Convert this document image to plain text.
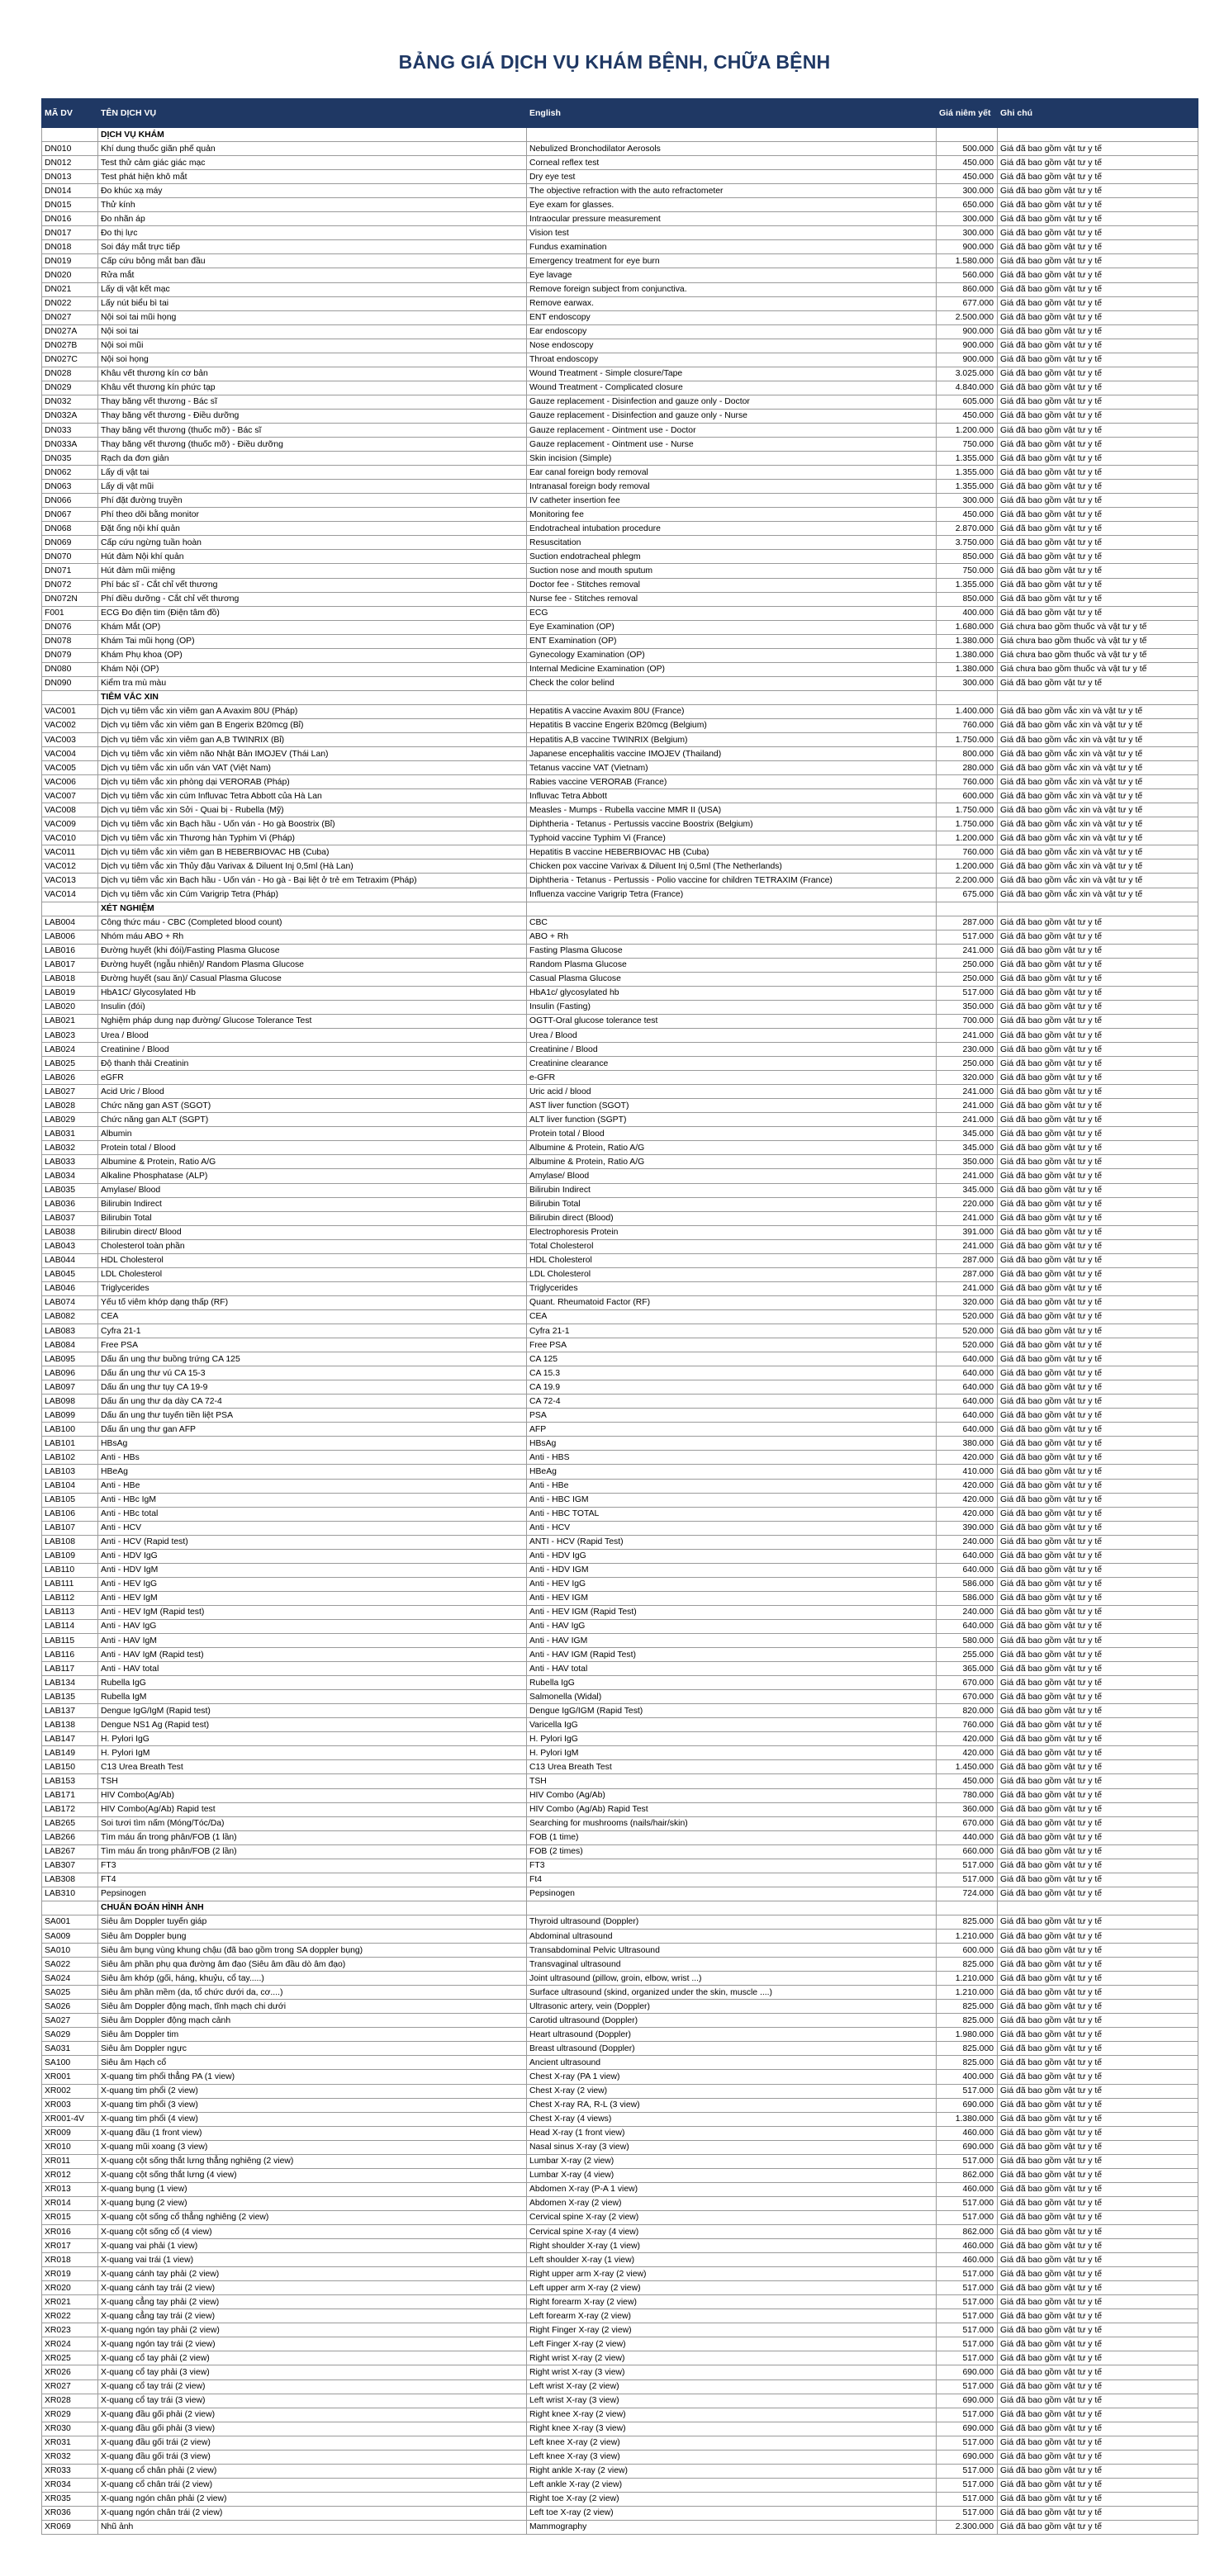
BẢNG GIÁ DỊCH VỤ KHÁM BỆNH, CHỮA BỆNH
MÃ DV	TÊN DỊCH VỤ	English	Giá niêm yết	Ghi chú
	DỊCH VỤ KHÁM			
DN010	Khí dung thuốc giãn phế quản	Nebulized Bronchodilator Aerosols	500.000	Giá đã bao gồm vật tư y tế
DN012	Test thử cảm giác giác mạc	Corneal reflex test	450.000	Giá đã bao gồm vật tư y tế
DN013	Test phát hiện khô mắt	Dry eye test	450.000	Giá đã bao gồm vật tư y tế
DN014	Đo khúc xạ máy	The objective refraction with the auto refractometer	300.000	Giá đã bao gồm vật tư y tế
DN015	Thử kính	Eye exam for glasses.	650.000	Giá đã bao gồm vật tư y tế
DN016	Đo nhãn áp	Intraocular pressure measurement	300.000	Giá đã bao gồm vật tư y tế
DN017	Đo thị lực	Vision test	300.000	Giá đã bao gồm vật tư y tế
DN018	Soi đáy mắt trực tiếp	Fundus examination	900.000	Giá đã bao gồm vật tư y tế
DN019	Cấp cứu bỏng mắt ban đầu	Emergency treatment for eye burn	1.580.000	Giá đã bao gồm vật tư y tế
DN020	Rửa mắt	Eye lavage	560.000	Giá đã bao gồm vật tư y tế
DN021	Lấy dị vật kết mạc	Remove foreign subject from conjunctiva.	860.000	Giá đã bao gồm vật tư y tế
DN022	Lấy nút biểu bì tai	Remove earwax.	677.000	Giá đã bao gồm vật tư y tế
DN027	Nội soi tai mũi họng	ENT endoscopy	2.500.000	Giá đã bao gồm vật tư y tế
DN027A	Nội soi tai	Ear endoscopy	900.000	Giá đã bao gồm vật tư y tế
DN027B	Nội soi mũi	Nose endoscopy	900.000	Giá đã bao gồm vật tư y tế
DN027C	Nội soi họng	Throat endoscopy	900.000	Giá đã bao gồm vật tư y tế
DN028	Khâu vết thương kín cơ bản	Wound Treatment - Simple closure/Tape	3.025.000	Giá đã bao gồm vật tư y tế
DN029	Khâu vết thương kín phức tạp	Wound Treatment - Complicated closure	4.840.000	Giá đã bao gồm vật tư y tế
DN032	Thay băng vết thương - Bác sĩ	Gauze replacement - Disinfection and gauze only - Doctor	605.000	Giá đã bao gồm vật tư y tế
DN032A	Thay băng vết thương - Điều dưỡng	Gauze replacement - Disinfection and gauze only - Nurse	450.000	Giá đã bao gồm vật tư y tế
DN033	Thay băng vết thương (thuốc mỡ) - Bác sĩ	Gauze replacement - Ointment use - Doctor	1.200.000	Giá đã bao gồm vật tư y tế
DN033A	Thay băng vết thương (thuốc mỡ) - Điều dưỡng	Gauze replacement - Ointment use - Nurse	750.000	Giá đã bao gồm vật tư y tế
DN035	Rạch da đơn giản	Skin incision (Simple)	1.355.000	Giá đã bao gồm vật tư y tế
DN062	Lấy dị vật tai	Ear canal foreign body removal	1.355.000	Giá đã bao gồm vật tư y tế
DN063	Lấy dị vật mũi	Intranasal foreign body removal	1.355.000	Giá đã bao gồm vật tư y tế
DN066	Phí đặt đường truyền	IV catheter insertion fee	300.000	Giá đã bao gồm vật tư y tế
DN067	Phí theo dõi bằng monitor	Monitoring fee	450.000	Giá đã bao gồm vật tư y tế
DN068	Đặt ống nội khí quản	Endotracheal intubation procedure	2.870.000	Giá đã bao gồm vật tư y tế
DN069	Cấp cứu ngừng tuần hoàn	Resuscitation	3.750.000	Giá đã bao gồm vật tư y tế
DN070	Hút đàm Nội khí quản	Suction endotracheal phlegm	850.000	Giá đã bao gồm vật tư y tế
DN071	Hút đàm mũi miệng	Suction nose and mouth sputum	750.000	Giá đã bao gồm vật tư y tế
DN072	Phí bác sĩ - Cắt chỉ vết thương	Doctor fee - Stitches removal	1.355.000	Giá đã bao gồm vật tư y tế
DN072N	Phí điều dưỡng - Cắt chỉ vết thương	Nurse fee - Stitches removal	850.000	Giá đã bao gồm vật tư y tế
F001	ECG Đo điện tim (Điện tâm đồ)	ECG	400.000	Giá đã bao gồm vật tư y tế
DN076	Khám Mắt (OP)	Eye Examination (OP)	1.680.000	Giá chưa bao gồm thuốc và vật tư y tế
DN078	Khám Tai mũi họng (OP)	ENT Examination (OP)	1.380.000	Giá chưa bao gồm thuốc và vật tư y tế
DN079	Khám Phụ khoa (OP)	Gynecology Examination (OP)	1.380.000	Giá chưa bao gồm thuốc và vật tư y tế
DN080	Khám Nội (OP)	Internal Medicine Examination (OP)	1.380.000	Giá chưa bao gồm thuốc và vật tư y tế
DN090	Kiểm tra mù màu	Check the color belind	300.000	Giá đã bao gồm vật tư y tế
	TIÊM VẮC XIN			
VAC001	Dịch vụ tiêm vắc xin viêm gan A Avaxim 80U (Pháp)	Hepatitis A vaccine Avaxim 80U (France)	1.400.000	Giá đã bao gồm vắc xin và vật tư y tế
VAC002	Dịch vụ tiêm vắc xin viêm gan B Engerix B20mcg (Bỉ)	Hepatitis B vaccine Engerix B20mcg (Belgium)	760.000	Giá đã bao gồm vắc xin và vật tư y tế
VAC003	Dịch vụ tiêm vắc xin viêm gan A,B TWINRIX (Bỉ)	Hepatitis A,B vaccine TWINRIX (Belgium)	1.750.000	Giá đã bao gồm vắc xin và vật tư y tế
VAC004	Dịch vụ tiêm vắc xin viêm não Nhật Bản IMOJEV (Thái Lan)	Japanese encephalitis vaccine IMOJEV (Thailand)	800.000	Giá đã bao gồm vắc xin và vật tư y tế
VAC005	Dịch vụ tiêm vắc xin uốn ván VAT (Việt Nam)	Tetanus vaccine VAT (Vietnam)	280.000	Giá đã bao gồm vắc xin và vật tư y tế
VAC006	Dịch vụ tiêm vắc xin phòng dại VERORAB (Pháp)	Rabies vaccine VERORAB (France)	760.000	Giá đã bao gồm vắc xin và vật tư y tế
VAC007	Dịch vụ tiêm vắc xin cúm Influvac Tetra Abbott của Hà Lan	Influvac Tetra Abbott	600.000	Giá đã bao gồm vắc xin và vật tư y tế
VAC008	Dịch vụ tiêm vắc xin Sởi - Quai bị - Rubella (Mỹ)	Measles - Mumps - Rubella vaccine MMR II (USA)	1.750.000	Giá đã bao gồm vắc xin và vật tư y tế
VAC009	Dịch vụ tiêm vắc xin Bạch hầu - Uốn ván - Ho gà Boostrix (Bỉ)	Diphtheria - Tetanus - Pertussis vaccine Boostrix (Belgium)	1.750.000	Giá đã bao gồm vắc xin và vật tư y tế
VAC010	Dịch vụ tiêm vắc xin Thương hàn Typhim Vi (Pháp)	Typhoid vaccine Typhim Vi (France)	1.200.000	Giá đã bao gồm vắc xin và vật tư y tế
VAC011	Dịch vụ tiêm vắc xin viêm gan B HEBERBIOVAC HB (Cuba)	Hepatitis B vaccine HEBERBIOVAC HB (Cuba)	760.000	Giá đã bao gồm vắc xin và vật tư y tế
VAC012	Dịch vụ tiêm vắc xin Thủy đậu Varivax & Diluent Inj 0,5ml (Hà Lan)	Chicken pox vaccine Varivax & Diluent Inj 0,5ml (The Netherlands)	1.200.000	Giá đã bao gồm vắc xin và vật tư y tế
VAC013	Dịch vụ tiêm vắc xin Bạch hầu - Uốn ván - Ho gà - Bại liệt ở trẻ em Tetraxim (Pháp)	Diphtheria - Tetanus - Pertussis - Polio vaccine for children TETRAXIM (France)	2.200.000	Giá đã bao gồm vắc xin và vật tư y tế
VAC014	Dịch vụ tiêm vắc xin Cúm Varigrip Tetra (Pháp)	Influenza vaccine Varigrip Tetra (France)	675.000	Giá đã bao gồm vắc xin và vật tư y tế
	XÉT NGHIỆM			
LAB004	Công thức máu - CBC (Completed blood count)	CBC	287.000	Giá đã bao gồm vật tư y tế
LAB006	Nhóm máu ABO + Rh	ABO + Rh	517.000	Giá đã bao gồm vật tư y tế
LAB016	Đường huyết (khi đói)/Fasting Plasma Glucose	Fasting Plasma Glucose	241.000	Giá đã bao gồm vật tư y tế
LAB017	Đường huyết (ngẫu nhiên)/ Random Plasma Glucose	Random Plasma Glucose	250.000	Giá đã bao gồm vật tư y tế
LAB018	Đường huyết (sau ăn)/ Casual Plasma Glucose	Casual Plasma Glucose	250.000	Giá đã bao gồm vật tư y tế
LAB019	HbA1C/ Glycosylated Hb	HbA1c/ glycosylated hb	517.000	Giá đã bao gồm vật tư y tế
LAB020	Insulin (đói)	Insulin (Fasting)	350.000	Giá đã bao gồm vật tư y tế
LAB021	Nghiệm pháp dung nạp đường/ Glucose Tolerance Test	OGTT-Oral glucose tolerance test	700.000	Giá đã bao gồm vật tư y tế
LAB023	Urea / Blood	Urea / Blood	241.000	Giá đã bao gồm vật tư y tế
LAB024	Creatinine / Blood	Creatinine / Blood	230.000	Giá đã bao gồm vật tư y tế
LAB025	Độ thanh thải Creatinin	Creatinine clearance	250.000	Giá đã bao gồm vật tư y tế
LAB026	eGFR	e-GFR	320.000	Giá đã bao gồm vật tư y tế
LAB027	Acid Uric / Blood	Uric acid / blood	241.000	Giá đã bao gồm vật tư y tế
LAB028	Chức năng gan AST (SGOT)	AST liver function (SGOT)	241.000	Giá đã bao gồm vật tư y tế
LAB029	Chức năng gan ALT (SGPT)	ALT liver function (SGPT)	241.000	Giá đã bao gồm vật tư y tế
LAB031	Albumin	Protein total / Blood	345.000	Giá đã bao gồm vật tư y tế
LAB032	Protein total / Blood	Albumine & Protein, Ratio A/G	345.000	Giá đã bao gồm vật tư y tế
LAB033	Albumine & Protein, Ratio A/G	Albumine & Protein, Ratio A/G	350.000	Giá đã bao gồm vật tư y tế
LAB034	Alkaline Phosphatase (ALP)	Amylase/ Blood	241.000	Giá đã bao gồm vật tư y tế
LAB035	Amylase/ Blood	Bilirubin Indirect	345.000	Giá đã bao gồm vật tư y tế
LAB036	Bilirubin Indirect	Bilirubin Total	220.000	Giá đã bao gồm vật tư y tế
LAB037	Bilirubin Total	Bilirubin direct (Blood)	241.000	Giá đã bao gồm vật tư y tế
LAB038	Bilirubin direct/ Blood	Electrophoresis Protein	391.000	Giá đã bao gồm vật tư y tế
LAB043	Cholesterol toàn phần	Total Cholesterol	241.000	Giá đã bao gồm vật tư y tế
LAB044	HDL Cholesterol	HDL Cholesterol	287.000	Giá đã bao gồm vật tư y tế
LAB045	LDL Cholesterol	LDL Cholesterol	287.000	Giá đã bao gồm vật tư y tế
LAB046	Triglycerides	Triglycerides	241.000	Giá đã bao gồm vật tư y tế
LAB074	Yếu tố viêm khớp dạng thấp (RF)	Quant. Rheumatoid Factor (RF)	320.000	Giá đã bao gồm vật tư y tế
LAB082	CEA	CEA	520.000	Giá đã bao gồm vật tư y tế
LAB083	Cyfra 21-1	Cyfra 21-1	520.000	Giá đã bao gồm vật tư y tế
LAB084	Free PSA	Free PSA	520.000	Giá đã bao gồm vật tư y tế
LAB095	Dấu ấn ung thư buồng trứng CA 125	CA 125	640.000	Giá đã bao gồm vật tư y tế
LAB096	Dấu ấn ung thư vú CA 15-3	CA 15.3	640.000	Giá đã bao gồm vật tư y tế
LAB097	Dấu ấn ung thư tụy CA 19-9	CA 19.9	640.000	Giá đã bao gồm vật tư y tế
LAB098	Dấu ấn ung thư dạ dày CA 72-4	CA 72-4	640.000	Giá đã bao gồm vật tư y tế
LAB099	Dấu ấn ung thư tuyến tiền liệt PSA	PSA	640.000	Giá đã bao gồm vật tư y tế
LAB100	Dấu ấn ung thư gan AFP	AFP	640.000	Giá đã bao gồm vật tư y tế
LAB101	HBsAg	HBsAg	380.000	Giá đã bao gồm vật tư y tế
LAB102	Anti - HBs	Anti - HBS	420.000	Giá đã bao gồm vật tư y tế
LAB103	HBeAg	HBeAg	410.000	Giá đã bao gồm vật tư y tế
LAB104	Anti - HBe	Anti - HBe	420.000	Giá đã bao gồm vật tư y tế
LAB105	Anti - HBc IgM	Anti - HBC IGM	420.000	Giá đã bao gồm vật tư y tế
LAB106	Anti - HBc total	Anti - HBC TOTAL	420.000	Giá đã bao gồm vật tư y tế
LAB107	Anti - HCV	Anti - HCV	390.000	Giá đã bao gồm vật tư y tế
LAB108	Anti - HCV (Rapid test)	ANTI - HCV (Rapid Test)	240.000	Giá đã bao gồm vật tư y tế
LAB109	Anti - HDV IgG	Anti - HDV IgG	640.000	Giá đã bao gồm vật tư y tế
LAB110	Anti - HDV IgM	Anti - HDV IGM	640.000	Giá đã bao gồm vật tư y tế
LAB111	Anti - HEV IgG	Anti - HEV IgG	586.000	Giá đã bao gồm vật tư y tế
LAB112	Anti - HEV IgM	Anti - HEV IGM	586.000	Giá đã bao gồm vật tư y tế
LAB113	Anti - HEV IgM (Rapid test)	Anti - HEV IGM (Rapid Test)	240.000	Giá đã bao gồm vật tư y tế
LAB114	Anti - HAV IgG	Anti - HAV IgG	640.000	Giá đã bao gồm vật tư y tế
LAB115	Anti - HAV IgM	Anti - HAV IGM	580.000	Giá đã bao gồm vật tư y tế
LAB116	Anti - HAV IgM (Rapid test)	Anti - HAV IGM (Rapid Test)	255.000	Giá đã bao gồm vật tư y tế
LAB117	Anti - HAV total	Anti - HAV total	365.000	Giá đã bao gồm vật tư y tế
LAB134	Rubella IgG	Rubella IgG	670.000	Giá đã bao gồm vật tư y tế
LAB135	Rubella IgM	Salmonella (Widal)	670.000	Giá đã bao gồm vật tư y tế
LAB137	Dengue IgG/IgM (Rapid test)	Dengue IgG/IGM (Rapid Test)	820.000	Giá đã bao gồm vật tư y tế
LAB138	Dengue NS1 Ag (Rapid test)	Varicella IgG	760.000	Giá đã bao gồm vật tư y tế
LAB147	H. Pylori IgG	H. Pylori IgG	420.000	Giá đã bao gồm vật tư y tế
LAB149	H. Pylori IgM	H. Pylori IgM	420.000	Giá đã bao gồm vật tư y tế
LAB150	C13 Urea Breath Test	C13 Urea Breath Test	1.450.000	Giá đã bao gồm vật tư y tế
LAB153	TSH	TSH	450.000	Giá đã bao gồm vật tư y tế
LAB171	HIV Combo(Ag/Ab)	HIV Combo (Ag/Ab)	780.000	Giá đã bao gồm vật tư y tế
LAB172	HIV Combo(Ag/Ab) Rapid test	HIV Combo (Ag/Ab) Rapid Test	360.000	Giá đã bao gồm vật tư y tế
LAB265	Soi tươi tìm nấm (Móng/Tóc/Da)	Searching for mushrooms (nails/hair/skin)	670.000	Giá đã bao gồm vật tư y tế
LAB266	Tìm máu ẩn trong phân/FOB (1 lần)	FOB (1 time)	440.000	Giá đã bao gồm vật tư y tế
LAB267	Tìm máu ẩn trong phân/FOB (2 lần)	FOB (2 times)	660.000	Giá đã bao gồm vật tư y tế
LAB307	FT3	FT3	517.000	Giá đã bao gồm vật tư y tế
LAB308	FT4	Ft4	517.000	Giá đã bao gồm vật tư y tế
LAB310	Pepsinogen	Pepsinogen	724.000	Giá đã bao gồm vật tư y tế
	CHUẨN ĐOÁN HÌNH ẢNH			
SA001	Siêu âm Doppler tuyến giáp	Thyroid ultrasound (Doppler)	825.000	Giá đã bao gồm vật tư y tế
SA009	Siêu âm Doppler bụng	Abdominal ultrasound	1.210.000	Giá đã bao gồm vật tư y tế
SA010	Siêu âm bụng vùng khung chậu (đã bao gồm trong SA doppler bụng)	Transabdominal Pelvic Ultrasound	600.000	Giá đã bao gồm vật tư y tế
SA022	Siêu âm phần phụ qua đường âm đạo (Siêu âm đầu dò âm đạo)	Transvaginal ultrasound	825.000	Giá đã bao gồm vật tư y tế
SA024	Siêu âm khớp (gối, háng, khuỷu, cổ tay.....)	Joint ultrasound (pillow, groin, elbow, wrist ...)	1.210.000	Giá đã bao gồm vật tư y tế
SA025	Siêu âm phần mềm (da, tổ chức dưới da, cơ....)	Surface ultrasound (skind, organized under the skin, muscle ....)	1.210.000	Giá đã bao gồm vật tư y tế
SA026	Siêu âm Doppler động mạch, tĩnh mạch chi dưới	Ultrasonic artery, vein (Doppler)	825.000	Giá đã bao gồm vật tư y tế
SA027	Siêu âm Doppler động mạch cảnh	Carotid ultrasound (Doppler)	825.000	Giá đã bao gồm vật tư y tế
SA029	Siêu âm Doppler tim	Heart ultrasound (Doppler)	1.980.000	Giá đã bao gồm vật tư y tế
SA031	Siêu âm Doppler ngực	Breast ultrasound (Doppler)	825.000	Giá đã bao gồm vật tư y tế
SA100	Siêu âm Hạch cổ	Ancient ultrasound	825.000	Giá đã bao gồm vật tư y tế
XR001	X-quang tim phổi thẳng PA (1 view)	Chest X-ray (PA 1 view)	400.000	Giá đã bao gồm vật tư y tế
XR002	X-quang tim phổi (2 view)	Chest X-ray (2 view)	517.000	Giá đã bao gồm vật tư y tế
XR003	X-quang tim phổi (3 view)	Chest X-ray RA, R-L (3 view)	690.000	Giá đã bao gồm vật tư y tế
XR001-4V	X-quang tim phổi (4 view)	Chest X-ray (4 views)	1.380.000	Giá đã bao gồm vật tư y tế
XR009	X-quang đầu (1 front view)	Head X-ray (1 front view)	460.000	Giá đã bao gồm vật tư y tế
XR010	X-quang mũi xoang (3 view)	Nasal sinus X-ray (3 view)	690.000	Giá đã bao gồm vật tư y tế
XR011	X-quang cột sống thắt lưng thẳng nghiêng (2 view)	Lumbar X-ray (2 view)	517.000	Giá đã bao gồm vật tư y tế
XR012	X-quang cột sống thắt lưng (4 view)	Lumbar X-ray (4 view)	862.000	Giá đã bao gồm vật tư y tế
XR013	X-quang bụng (1 view)	Abdomen X-ray (P-A 1 view)	460.000	Giá đã bao gồm vật tư y tế
XR014	X-quang bụng (2 view)	Abdomen X-ray (2 view)	517.000	Giá đã bao gồm vật tư y tế
XR015	X-quang cột sống cổ thẳng nghiêng (2 view)	Cervical spine X-ray (2 view)	517.000	Giá đã bao gồm vật tư y tế
XR016	X-quang cột sống cổ (4 view)	Cervical spine X-ray (4 view)	862.000	Giá đã bao gồm vật tư y tế
XR017	X-quang vai phải (1 view)	Right shoulder X-ray (1 view)	460.000	Giá đã bao gồm vật tư y tế
XR018	X-quang vai trái (1 view)	Left shoulder X-ray (1 view)	460.000	Giá đã bao gồm vật tư y tế
XR019	X-quang cánh tay phải (2 view)	Right upper arm X-ray (2 view)	517.000	Giá đã bao gồm vật tư y tế
XR020	X-quang cánh tay trái (2 view)	Left upper arm X-ray (2 view)	517.000	Giá đã bao gồm vật tư y tế
XR021	X-quang cẳng tay phải (2 view)	Right forearm X-ray (2 view)	517.000	Giá đã bao gồm vật tư y tế
XR022	X-quang cẳng tay trái (2 view)	Left forearm X-ray (2 view)	517.000	Giá đã bao gồm vật tư y tế
XR023	X-quang ngón tay phải (2 view)	Right Finger X-ray (2 view)	517.000	Giá đã bao gồm vật tư y tế
XR024	X-quang ngón tay trái (2 view)	Left Finger X-ray (2 view)	517.000	Giá đã bao gồm vật tư y tế
XR025	X-quang cổ tay phải (2 view)	Right wrist X-ray (2 view)	517.000	Giá đã bao gồm vật tư y tế
XR026	X-quang cổ tay phải (3 view)	Right wrist X-ray (3 view)	690.000	Giá đã bao gồm vật tư y tế
XR027	X-quang cổ tay trái (2 view)	Left wrist X-ray (2 view)	517.000	Giá đã bao gồm vật tư y tế
XR028	X-quang cổ tay trái (3 view)	Left wrist X-ray (3 view)	690.000	Giá đã bao gồm vật tư y tế
XR029	X-quang đầu gối phải (2 view)	Right knee X-ray (2 view)	517.000	Giá đã bao gồm vật tư y tế
XR030	X-quang đầu gối phải (3 view)	Right knee X-ray (3 view)	690.000	Giá đã bao gồm vật tư y tế
XR031	X-quang đầu gối trái (2 view)	Left knee X-ray (2 view)	517.000	Giá đã bao gồm vật tư y tế
XR032	X-quang đầu gối trái (3 view)	Left knee X-ray (3 view)	690.000	Giá đã bao gồm vật tư y tế
XR033	X-quang cổ chân phải (2 view)	Right ankle X-ray (2 view)	517.000	Giá đã bao gồm vật tư y tế
XR034	X-quang cổ chân trái (2 view)	Left ankle X-ray (2 view)	517.000	Giá đã bao gồm vật tư y tế
XR035	X-quang ngón chân phải (2 view)	Right toe X-ray (2 view)	517.000	Giá đã bao gồm vật tư y tế
XR036	X-quang ngón chân trái (2 view)	Left toe X-ray (2 view)	517.000	Giá đã bao gồm vật tư y tế
XR069	Nhũ ảnh	Mammography	2.300.000	Giá đã bao gồm vật tư y tế
